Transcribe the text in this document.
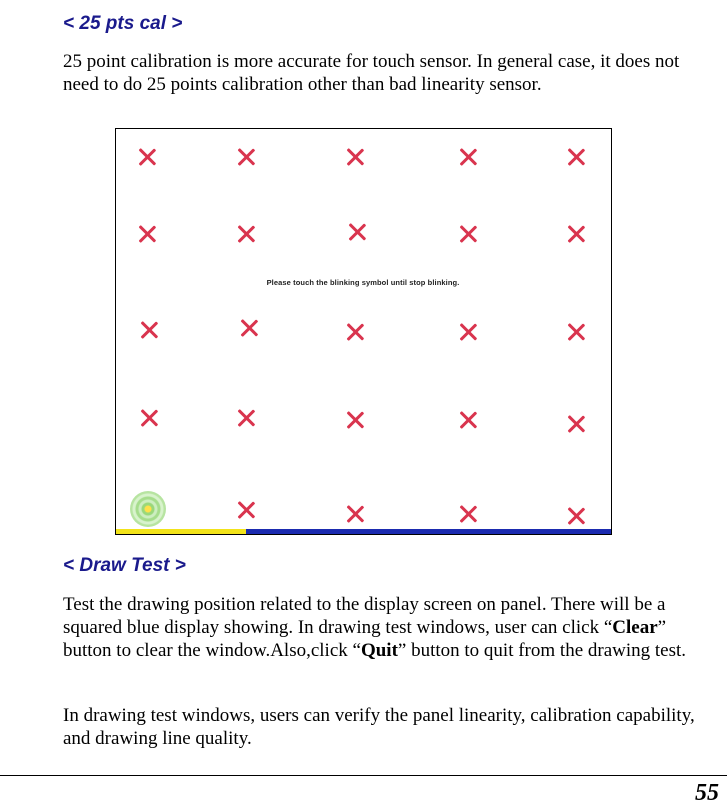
< 25 pts cal >

25 point calibration is more accurate for touch sensor. In general case, it does not need to do 25 points calibration other than bad linearity sensor.

Please touch the blinking symbol until stop blinking.
< Draw Test >

Test the drawing position related to the display screen on panel. There will be a squared blue display showing. In drawing test windows, user can click “Clear” button to clear the window.Also,click “Quit” button to quit from the drawing test.

In drawing test windows, users can verify the panel linearity, calibration capability, and drawing line quality.

55
